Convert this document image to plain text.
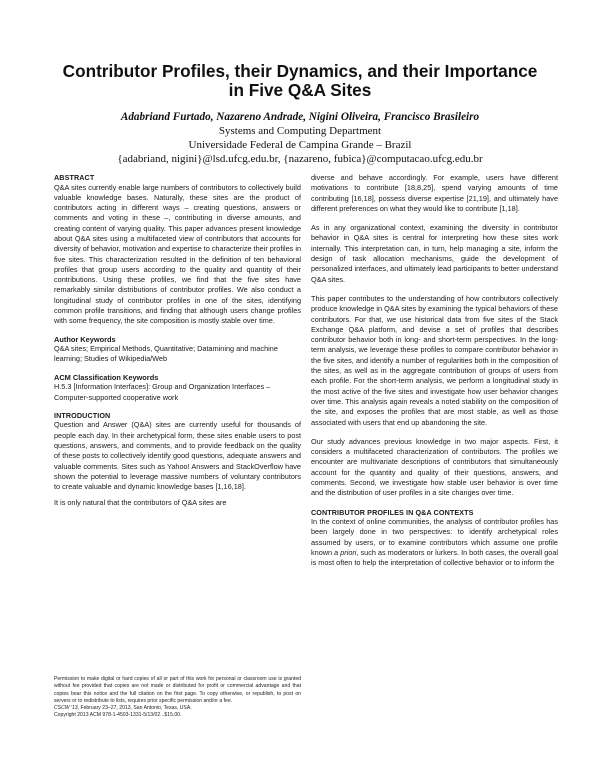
Contributor Profiles, their Dynamics, and their Importance
in Five Q&A Sites
Adabriand Furtado, Nazareno Andrade, Nigini Oliveira, Francisco Brasileiro
Systems and Computing Department
Universidade Federal de Campina Grande – Brazil
{adabriand, nigini}@lsd.ufcg.edu.br, {nazareno, fubica}@computacao.ufcg.edu.br
ABSTRACT

Q&A sites currently enable large numbers of contributors to collectively build valuable knowledge bases. Naturally, these sites are the product of contributors acting in different ways – creating questions, answers or comments and voting in these –, contributing in diverse amounts, and creating content of varying quality. This paper advances present knowledge about Q&A sites using a multifaceted view of contributors that accounts for diversity of behavior, motivation and expertise to characterize their profiles in five sites. This characterization resulted in the definition of ten behavioral profiles that group users according to the quality and quantity of their contributions. Using these profiles, we find that the five sites have remarkably similar distributions of contributor profiles. We also conduct a longitudinal study of contributor profiles in one of the sites, identifying common profile transitions, and finding that although users change profiles with some frequency, the site composition is mostly stable over time.

Author Keywords

Q&A sites; Empirical Methods, Quantitative; Datamining and machine learning; Studies of Wikipedia/Web

ACM Classification Keywords

H.5.3 [Information Interfaces]: Group and Organization Interfaces – Computer-supported cooperative work

INTRODUCTION

Question and Answer (Q&A) sites are currently useful for thousands of people each day. In their archetypical form, these sites enable users to post questions, answers, and comments, and to provide feedback on the quality of these posts to collectively identify good questions, adequate answers and valuable comments. Sites such as Yahoo! Answers and StackOverflow have shown the potential to leverage massive numbers of voluntary contributors to create valuable and dynamic knowledge bases [1,16,18].

It is only natural that the contributors of Q&A sites are

Permission to make digital or hard copies of all or part of this work for personal or classroom use is granted without fee provided that copies are not made or distributed for profit or commercial advantage and that copies bear this notice and the full citation on the first page. To copy otherwise, or republish, to post on servers or to redistribute to lists, requires prior specific permission and/or a fee.
CSCW '13, February 23–27, 2013, San Antonio, Texas, USA.
Copyright 2013 ACM 978-1-4503-1331-5/13/02...$15.00.

diverse and behave accordingly. For example, users have different motivations to contribute [18,8,25], spend varying amounts of time contributing [16,18], possess diverse expertise [21,19], and ultimately have different preferences on what they would like to contribute [1,18].

As in any organizational context, examining the diversity in contributor behavior in Q&A sites is central for interpreting how these sites work internally. This interpretation can, in turn, help managing a site, inform the design of task allocation mechanisms, guide the development of personalized interfaces, and ultimately lead participants to better understand Q&A sites.

This paper contributes to the understanding of how contributors collectively produce knowledge in Q&A sites by examining the typical behaviors of these contributors. For that, we use historical data from five sites of the Stack Exchange Q&A platform, and devise a set of profiles that describes contributor behavior both in long- and short-term perspectives. In the long-term analysis, we leverage these profiles to compare contributor behavior in the five sites, and identify a number of regularities both in the composition of the sites, as well as in the aggregate contribution of groups of users from each profile. For the short-term analysis, we perform a longitudinal study in the most active of the five sites and investigate how user behavior changes over time. This analysis again reveals a noted stability on the composition of the site, and exposes the profiles that are most stable, as well as those associated with users that end up abandoning the site.

Our study advances previous knowledge in two major aspects. First, it considers a multifaceted characterization of contributors. The profiles we encounter are multivariate descriptions of contributors that simultaneously account for the quantity and quality of their questions, answers, and comments. Second, we investigate how stable user behavior is over time and the distribution of user profiles in a site changes over time.

CONTRIBUTOR PROFILES IN Q&A CONTEXTS

In the context of online communities, the analysis of contributor profiles has been largely done in two perspectives: to identify archetypical roles assumed by users, or to examine contributors which assume one profile known a priori, such as moderators or lurkers. In both cases, the overall goal is most often to help the interpretation of collective behavior or to inform the
